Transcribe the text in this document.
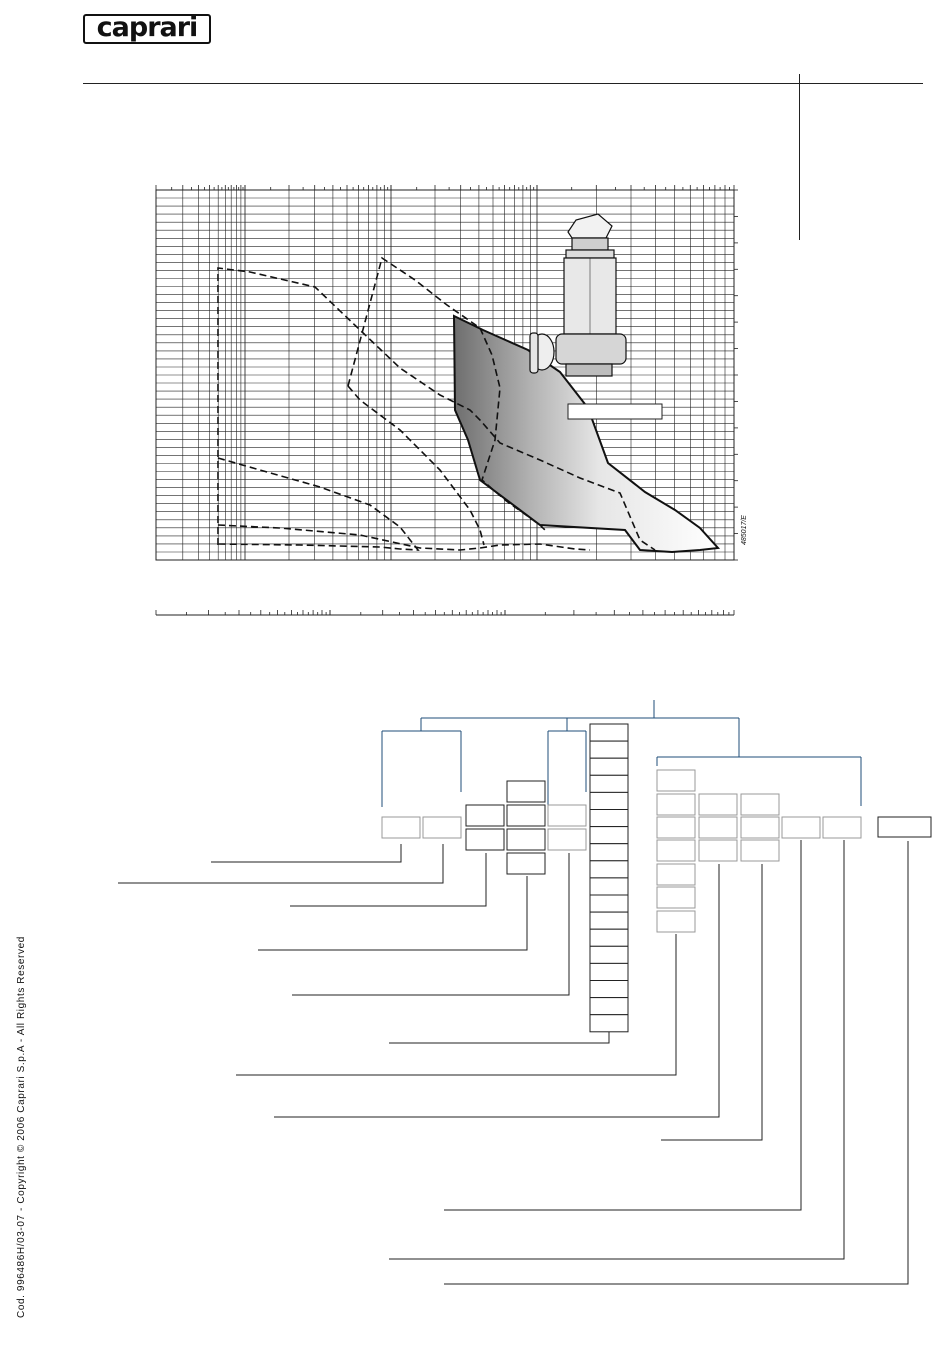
caprari
485017/E
Cod. 996486H/03-07 - Copyright © 2006 Caprari S.p.A - All Rights Reserved
